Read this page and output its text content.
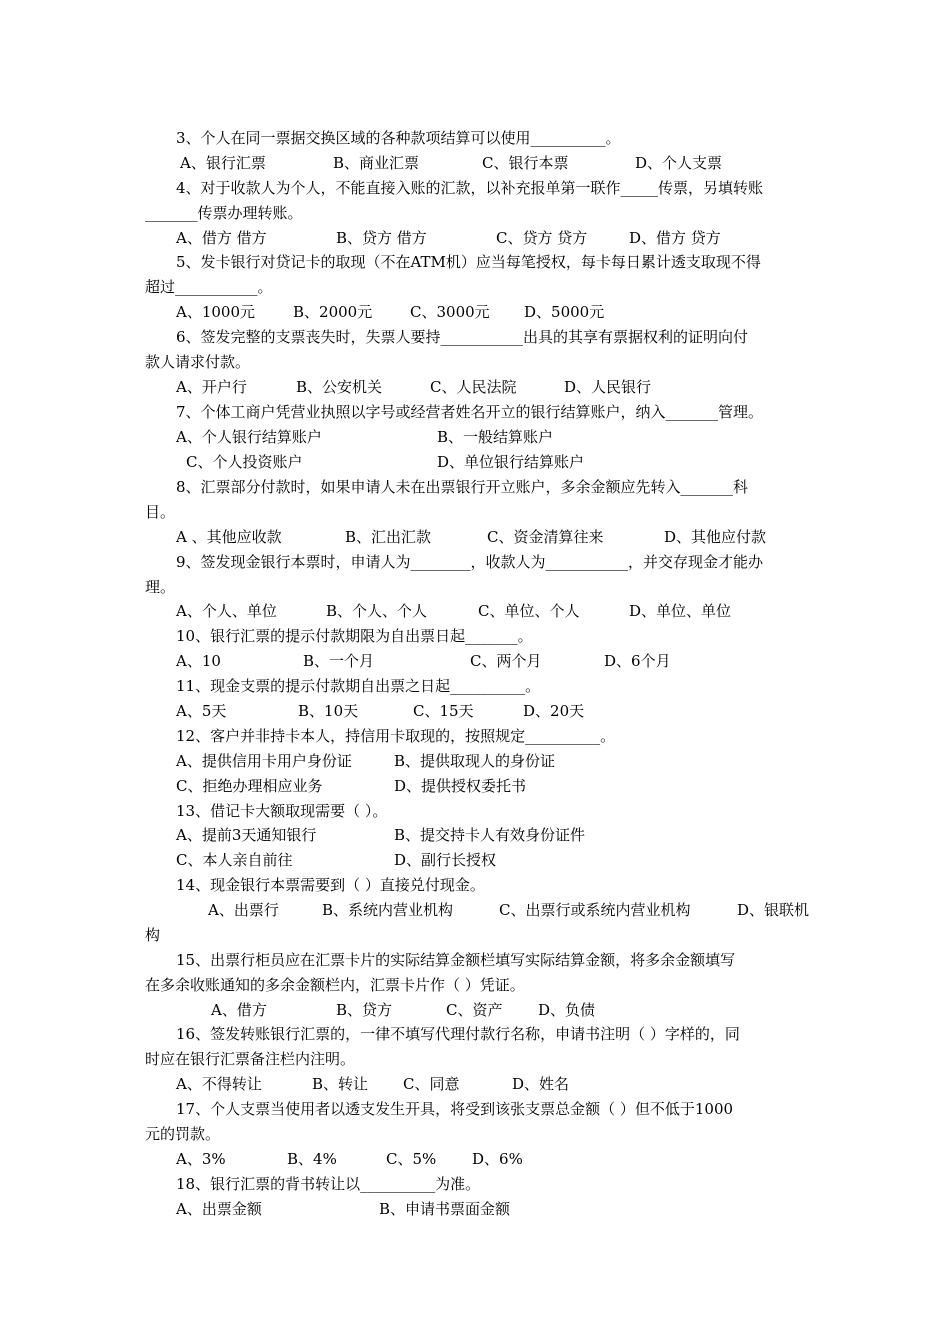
3、个人在同一票据交换区域的各种款项结算可以使用__________。
A、银行汇票	B、商业汇票	C、银行本票	D、个人支票
4、对于收款人为个人，不能直接入账的汇款，以补充报单第一联作_____传票，另填转账
_______传票办理转账。
A、借方 借方	B、贷方 借方	C、贷方 贷方	D、借方 贷方
5、发卡银行对贷记卡的取现（不在ATM机）应当每笔授权，每卡每日累计透支取现不得
超过___________。
A、1000元	B、2000元	C、3000元 D、5000元
6、签发完整的支票丧失时，失票人要持___________出具的其享有票据权利的证明向付
款人请求付款。
A、开户行	B、公安机关	C、人民法院	D、人民银行
7、个体工商户凭营业执照以字号或经营者姓名开立的银行结算账户，纳入_______管理。
A、个人银行结算账户	B、一般结算账户
C、个人投资账户	D、单位银行结算账户
8、汇票部分付款时，如果申请人未在出票银行开立账户，多余金额应先转入_______科
目。
A 、其他应收款	B、汇出汇款	C、资金清算往来	D、其他应付款
9、签发现金银行本票时，申请人为________，收款人为___________，并交存现金才能办
理。
A、个人、单位	B、个人、个人	C、单位、个人	D、单位、单位
10、银行汇票的提示付款期限为自出票日起_______。
A、10	B、一个月	C、两个月	D、6个月
11、现金支票的提示付款期自出票之日起__________。
A、5天	B、10天	C、15天	D、20天
12、客户并非持卡本人，持信用卡取现的，按照规定__________。
A、提供信用卡用户身份证	B、提供取现人的身份证
C、拒绝办理相应业务	D、提供授权委托书
13、借记卡大额取现需要（ ）。
A、提前3天通知银行	B、提交持卡人有效身份证件
C、本人亲自前往	D、副行长授权
14、现金银行本票需要到（ ）直接兑付现金。
A、出票行	B、系统内营业机构	C、出票行或系统内营业机构	D、银联机
构
15、出票行柜员应在汇票卡片的实际结算金额栏填写实际结算金额，将多余金额填写
在多余收账通知的多余金额栏内，汇票卡片作（ ）凭证。
A、借方	B、贷方	C、资产 D、负债
16、签发转账银行汇票的，一律不填写代理付款行名称，申请书注明（ ）字样的，同
时应在银行汇票备注栏内注明。
A、不得转让	B、转让 C、同意	D、姓名
17、个人支票当使用者以透支发生开具，将受到该张支票总金额（ ）但不低于1000
元的罚款。
A、3%	B、4%	C、5% D、6%
18、银行汇票的背书转让以__________为准。
A、出票金额	B、申请书票面金额
